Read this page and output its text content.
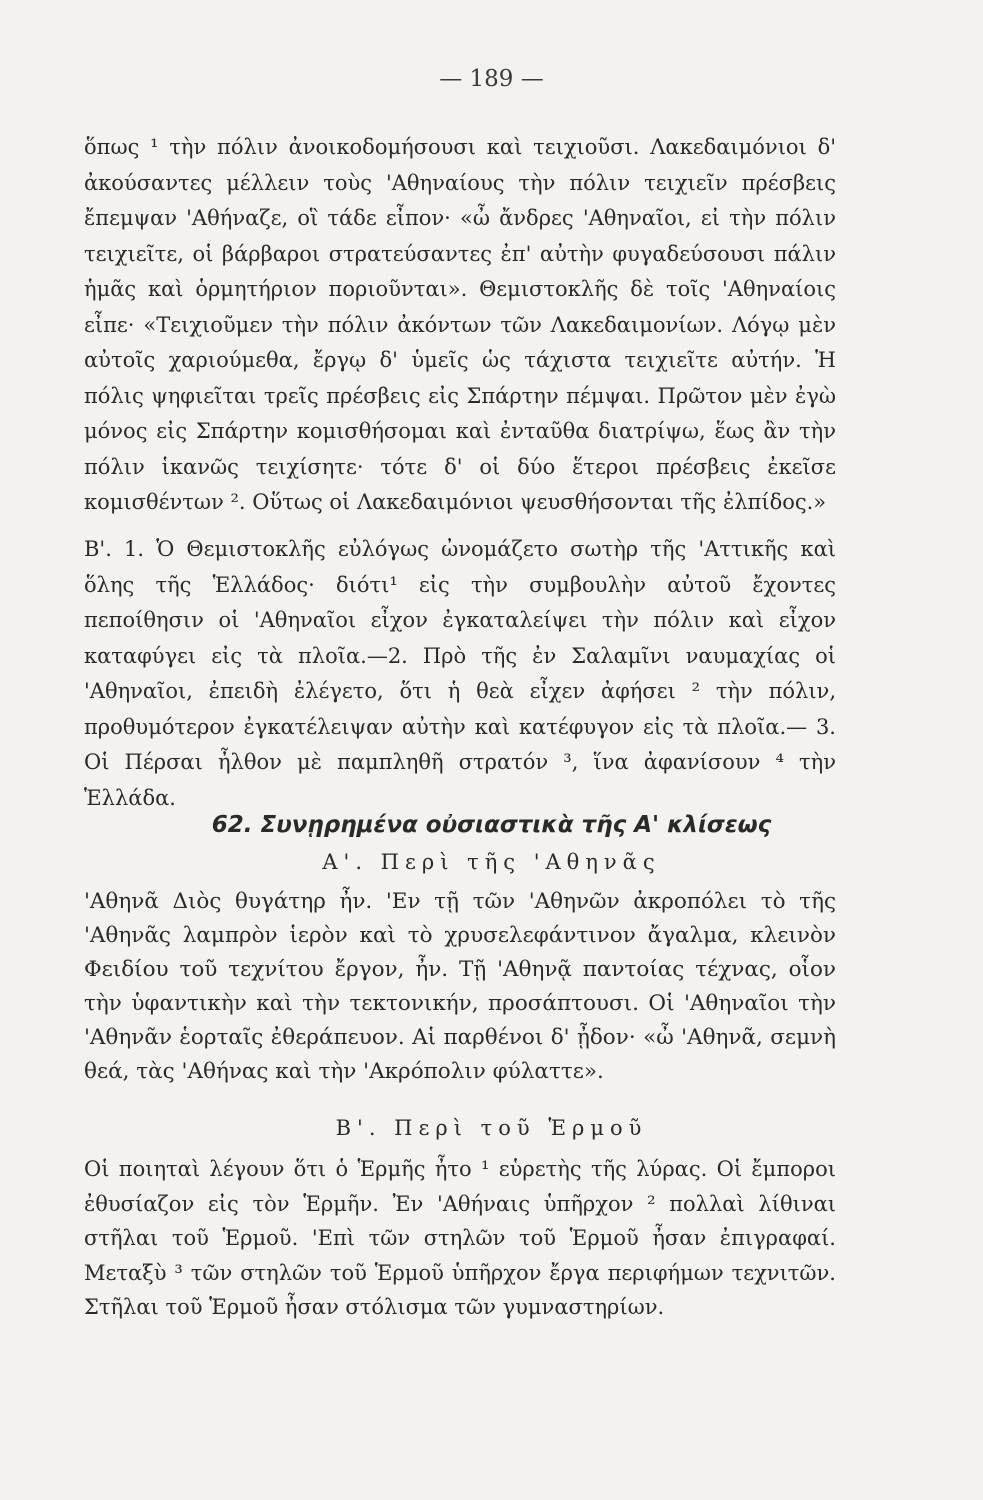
— 189 —

ὅπως ¹ τὴν πόλιν ἀνοικοδομήσουσι καὶ τειχιοῦσι. Λακεδαιμόνιοι δ' ἀκούσαντες μέλλειν τοὺς 'Αθηναίους τὴν πόλιν τειχιεῖν πρέσβεις ἔπεμψαν 'Αθήναζε, οἳ τάδε εἶπον· «ὦ ἄνδρες 'Αθηναῖοι, εἰ τὴν πόλιν τειχιεῖτε, οἱ βάρβαροι στρατεύσαντες ἐπ' αὐτὴν φυγαδεύσουσι πάλιν ἡμᾶς καὶ ὁρμητήριον ποριοῦνται». Θεμιστοκλῆς δὲ τοῖς 'Αθηναίοις εἶπε· «Τειχιοῦμεν τὴν πόλιν ἀκόντων τῶν Λακεδαιμονίων. Λόγῳ μὲν αὐτοῖς χαριούμεθα, ἔργῳ δ' ὑμεῖς ὡς τάχιστα τειχιεῖτε αὐτήν. Ἡ πόλις ψηφιεῖται τρεῖς πρέσβεις εἰς Σπάρτην πέμψαι. Πρῶτον μὲν ἐγὼ μόνος εἰς Σπάρτην κομισθήσομαι καὶ ἐνταῦθα διατρίψω, ἕως ἂν τὴν πόλιν ἱκανῶς τειχίσητε· τότε δ' οἱ δύο ἕτεροι πρέσβεις ἐκεῖσε κομισθέντων ². Οὕτως οἱ Λακεδαιμόνιοι ψευσθήσονται τῆς ἐλπίδος.»

Β'. 1. Ὁ Θεμιστοκλῆς εὐλόγως ὠνομάζετο σωτὴρ τῆς 'Αττικῆς καὶ ὅλης τῆς Ἑλλάδος· διότι¹ εἰς τὴν συμβουλὴν αὐτοῦ ἔχοντες πεποίθησιν οἱ 'Αθηναῖοι εἶχον ἐγκαταλείψει τὴν πόλιν καὶ εἶχον καταφύγει εἰς τὰ πλοῖα.—2. Πρὸ τῆς ἐν Σαλαμῖνι ναυμαχίας οἱ 'Αθηναῖοι, ἐπειδὴ ἐλέγετο, ὅτι ἡ θεὰ εἶχεν ἀφήσει ² τὴν πόλιν, προθυμότερον ἐγκατέλειψαν αὐτὴν καὶ κατέφυγον εἰς τὰ πλοῖα.— 3. Οἱ Πέρσαι ἦλθον μὲ παμπληθῆ στρατόν ³, ἵνα ἀφανίσουν ⁴ τὴν Ἑλλάδα.

62. Συνῃρημένα οὐσιαστικὰ τῆς Α' κλίσεως
Α'. Περὶ τῆς 'Αθηνᾶς

'Αθηνᾶ Διὸς θυγάτηρ ἦν. 'Εν τῇ τῶν 'Αθηνῶν ἀκροπόλει τὸ τῆς 'Αθηνᾶς λαμπρὸν ἱερὸν καὶ τὸ χρυσελεφάντινον ἄγαλμα, κλεινὸν Φειδίου τοῦ τεχνίτου ἔργον, ἦν. Τῇ 'Αθηνᾷ παντοίας τέχνας, οἷον τὴν ὑφαντικὴν καὶ τὴν τεκτονικήν, προσάπτουσι. Οἱ 'Αθηναῖοι τὴν 'Αθηνᾶν ἑορταῖς ἐθεράπευον. Αἱ παρθένοι δ' ᾖδον· «ὦ 'Αθηνᾶ, σεμνὴ θεά, τὰς 'Αθήνας καὶ τὴν 'Ακρόπολιν φύλαττε».

Β'. Περὶ τοῦ Ἑρμοῦ

Οἱ ποιηταὶ λέγουν ὅτι ὁ Ἑρμῆς ἦτο ¹ εὑρετὴς τῆς λύρας. Οἱ ἔμποροι ἐθυσίαζον εἰς τὸν Ἑρμῆν. Ἐν 'Αθήναις ὑπῆρχον ² πολλαὶ λίθιναι στῆλαι τοῦ Ἑρμοῦ. 'Επὶ τῶν στηλῶν τοῦ Ἑρμοῦ ἦσαν ἐπιγραφαί. Μεταξὺ ³ τῶν στηλῶν τοῦ Ἑρμοῦ ὑπῆρχον ἔργα περιφήμων τεχνιτῶν. Στῆλαι τοῦ Ἑρμοῦ ἦσαν στόλισμα τῶν γυμναστηρίων.
